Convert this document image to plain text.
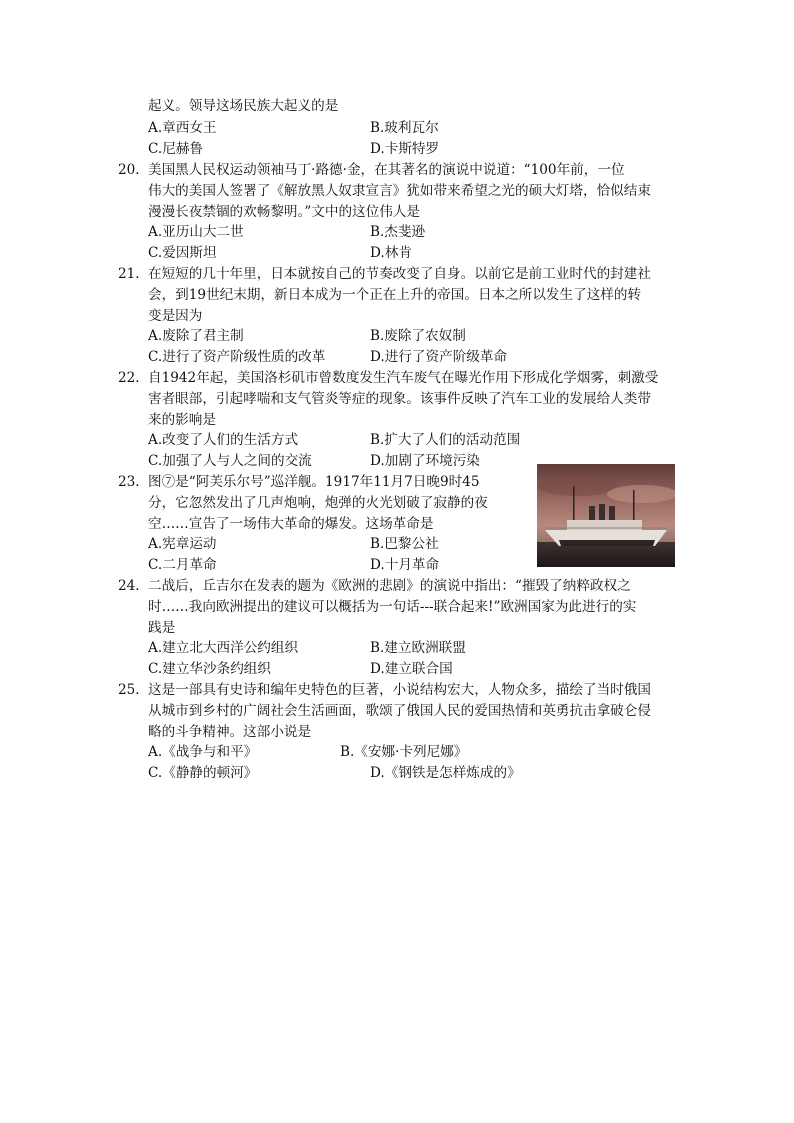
起义。领导这场民族大起义的是
A.章西女王	B.玻利瓦尔
C.尼赫鲁	D.卡斯特罗
20. 美国黑人民权运动领袖马丁·路德·金，在其著名的演说中说道：“100年前，一位
伟大的美国人签署了《解放黑人奴隶宣言》犹如带来希望之光的硕大灯塔，恰似结束
漫漫长夜禁锢的欢畅黎明。”文中的这位伟人是
A.亚历山大二世	B.杰斐逊
C.爱因斯坦	D.林肯
21. 在短短的几十年里，日本就按自己的节奏改变了自身。以前它是前工业时代的封建社
会，到19世纪末期，新日本成为一个正在上升的帝国。日本之所以发生了这样的转
变是因为
A.废除了君主制	B.废除了农奴制
C.进行了资产阶级性质的改革	D.进行了资产阶级革命
22. 自1942年起，美国洛杉矶市曾数度发生汽车废气在曝光作用下形成化学烟雾，刺激受
害者眼部，引起哮喘和支气管炎等症的现象。该事件反映了汽车工业的发展给人类带
来的影响是
A.改变了人们的生活方式	B.扩大了人们的活动范围
C.加强了人与人之间的交流	D.加剧了环境污染
23. 图⑦是“阿芙乐尔号”巡洋舰。1917年11月7日晚9时45
分，它忽然发出了几声炮响，炮弹的火光划破了寂静的夜
空……宣告了一场伟大革命的爆发。这场革命是
A.宪章运动	B.巴黎公社
C.二月革命	D.十月革命
24. 二战后，丘吉尔在发表的题为《欧洲的悲剧》的演说中指出：“摧毁了纳粹政权之
时……我向欧洲提出的建议可以概括为一句话---联合起来!”欧洲国家为此进行的实
践是
A.建立北大西洋公约组织	B.建立欧洲联盟
C.建立华沙条约组织	D.建立联合国
25. 这是一部具有史诗和编年史特色的巨著，小说结构宏大，人物众多，描绘了当时俄国
从城市到乡村的广阔社会生活画面，歌颂了俄国人民的爱国热情和英勇抗击拿破仑侵
略的斗争精神。这部小说是
A.《战争与和平》	B.《安娜·卡列尼娜》
C.《静静的顿河》	D.《钢铁是怎样炼成的》
